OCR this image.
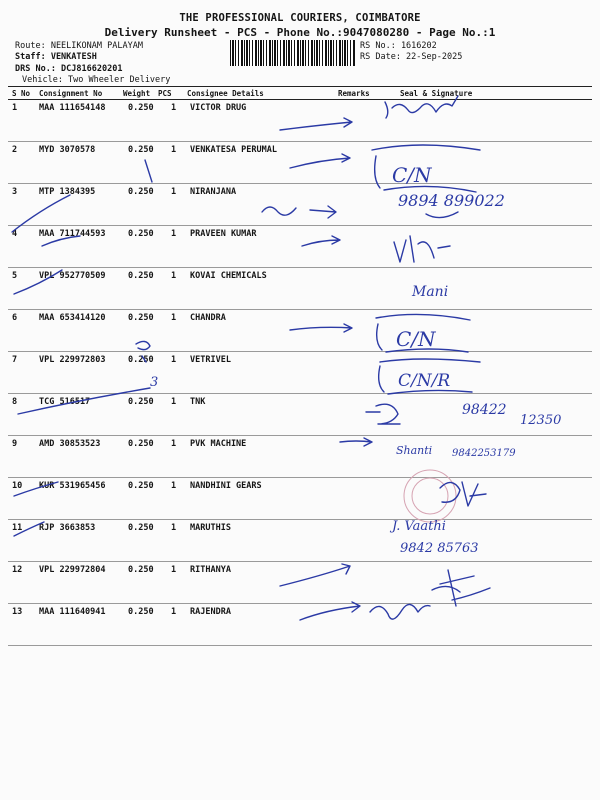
THE PROFESSIONAL COURIERS, COIMBATORE
Delivery Runsheet - PCS - Phone No.:9047080280 - Page No.:1
Route: NEELIKONAM PALAYAM
Staff: VENKATESH
DRS No.: DCJ816620201
Vehicle: Two Wheeler Delivery
RS No.: 1616202
RS Date: 22-Sep-2025
S No Consignment No	Weight PCS Consignee Details	Remarks	Seal & Signature
1	MAA 111654148	0.250 1 VICTOR DRUG
2	MYD 3070578	0.250 1 VENKATESA PERUMAL
3	MTP 1384395	0.250 1 NIRANJANA
4	MAA 711744593	0.250 1 PRAVEEN KUMAR
5	VPL 952770509	0.250 1 KOVAI CHEMICALS
6	MAA 653414120	0.250 1 CHANDRA
7	VPL 229972803	0.250 1 VETRIVEL
8	TCG 516517	0.250 1 TNK
9	AMD 30853523	0.250 1 PVK MACHINE
10 KUR 531965456	0.250 1 NANDHINI GEARS
11 RJP 3663853	0.250 1 MARUTHIS
12 VPL 229972804	0.250 1 RITHANYA
13 MAA 111640941	0.250 1 RAJENDRA
C/N
9894 899022
Mani
C/N
3	C/N/R
98422
12350
Shanti 9842253179
J. Vaathi
9842 85763
